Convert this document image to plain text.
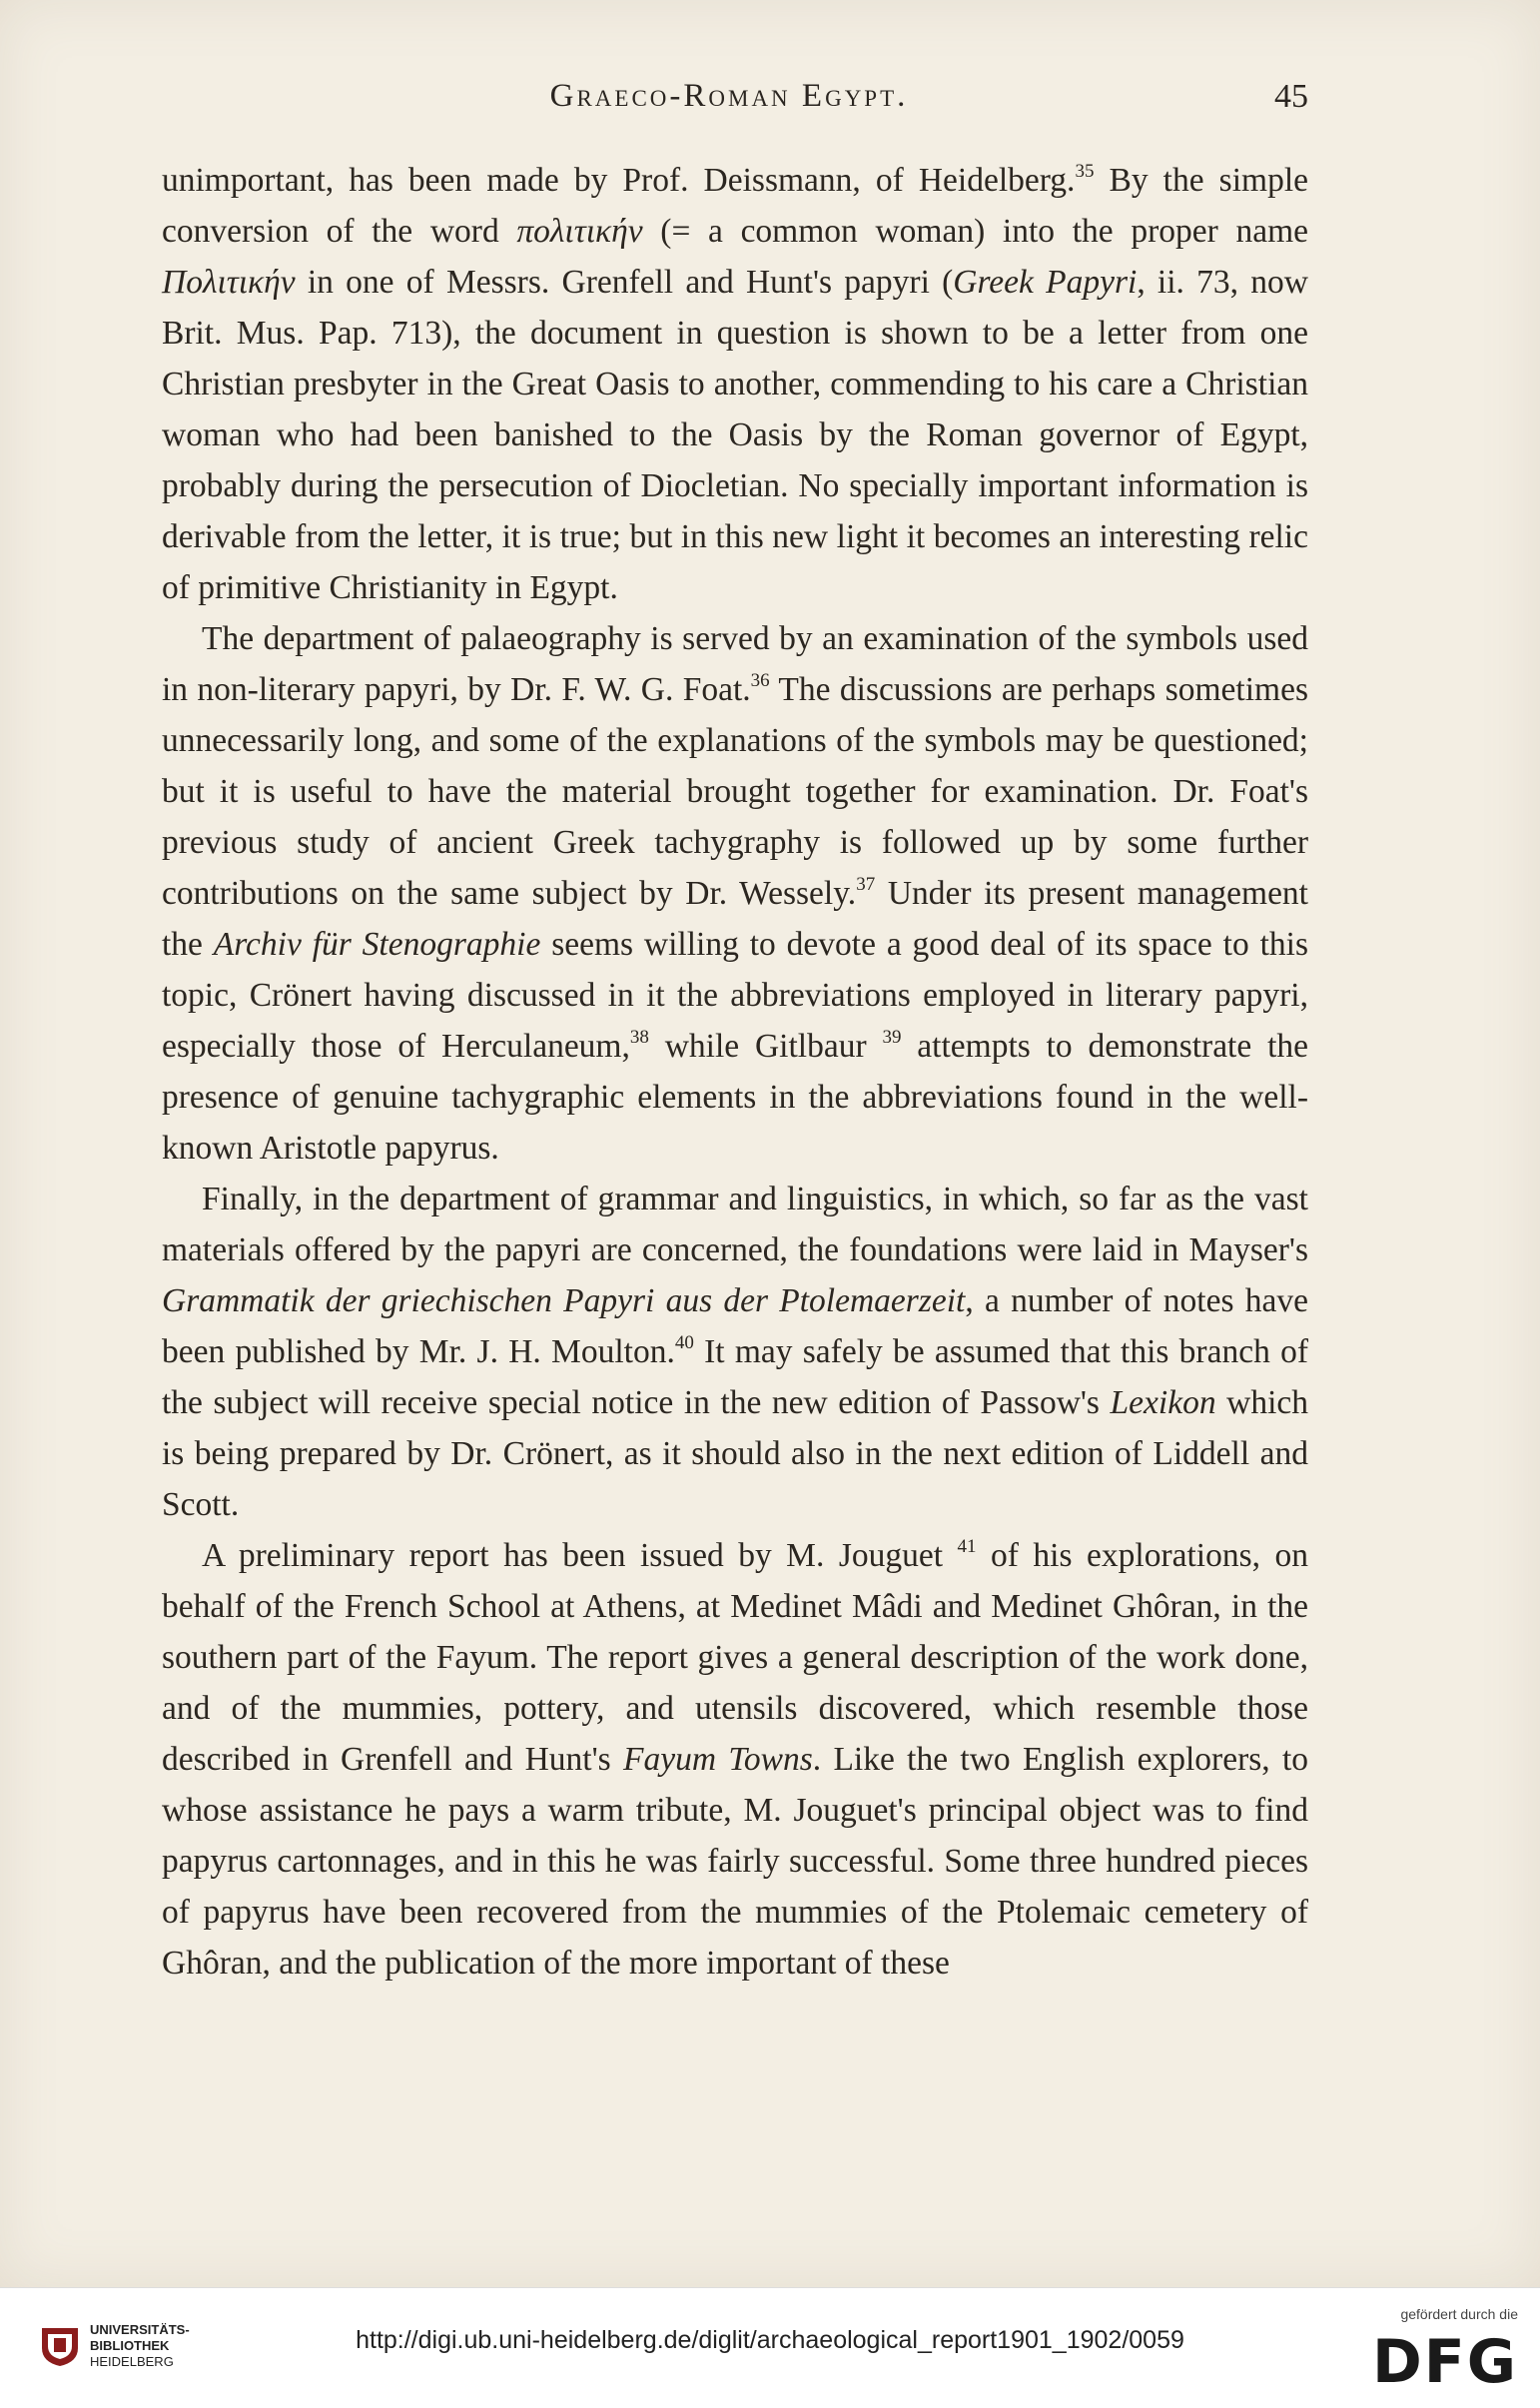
Graeco-Roman Egypt.	45

unimportant, has been made by Prof. Deissmann, of Heidelberg.$^{35}$ By the simple conversion of the word πολιτικήν (= a common woman) into the proper name Πολιτικήν in one of Messrs. Grenfell and Hunt's papyri (Greek Papyri, ii. 73, now Brit. Mus. Pap. 713), the document in question is shown to be a letter from one Christian presbyter in the Great Oasis to another, commending to his care a Christian woman who had been banished to the Oasis by the Roman governor of Egypt, probably during the persecution of Diocletian. No specially important information is derivable from the letter, it is true; but in this new light it becomes an interesting relic of primitive Christianity in Egypt.

The department of palaeography is served by an examination of the symbols used in non-literary papyri, by Dr. F. W. G. Foat.$^{36}$ The discussions are perhaps sometimes unnecessarily long, and some of the explanations of the symbols may be questioned; but it is useful to have the material brought together for examination. Dr. Foat's previous study of ancient Greek tachygraphy is followed up by some further contributions on the same subject by Dr. Wessely.$^{37}$ Under its present management the Archiv für Stenographie seems willing to devote a good deal of its space to this topic, Crönert having discussed in it the abbreviations employed in literary papyri, especially those of Herculaneum,$^{38}$ while Gitlbaur $^{39}$ attempts to demonstrate the presence of genuine tachygraphic elements in the abbreviations found in the well-known Aristotle papyrus.

Finally, in the department of grammar and linguistics, in which, so far as the vast materials offered by the papyri are concerned, the foundations were laid in Mayser's Grammatik der griechischen Papyri aus der Ptolemaerzeit, a number of notes have been published by Mr. J. H. Moulton.$^{40}$ It may safely be assumed that this branch of the subject will receive special notice in the new edition of Passow's Lexikon which is being prepared by Dr. Crönert, as it should also in the next edition of Liddell and Scott.

A preliminary report has been issued by M. Jouguet $^{41}$ of his explorations, on behalf of the French School at Athens, at Medinet Mâdi and Medinet Ghôran, in the southern part of the Fayum. The report gives a general description of the work done, and of the mummies, pottery, and utensils discovered, which resemble those described in Grenfell and Hunt's Fayum Towns. Like the two English explorers, to whose assistance he pays a warm tribute, M. Jouguet's principal object was to find papyrus cartonnages, and in this he was fairly successful. Some three hundred pieces of papyrus have been recovered from the mummies of the Ptolemaic cemetery of Ghôran, and the publication of the more important of these

UNIVERSITÄTS-
BIBLIOTHEK
HEIDELBERG
http://digi.ub.uni-heidelberg.de/diglit/archaeological_report1901_1902/0059
gefördert durch die
DFG
